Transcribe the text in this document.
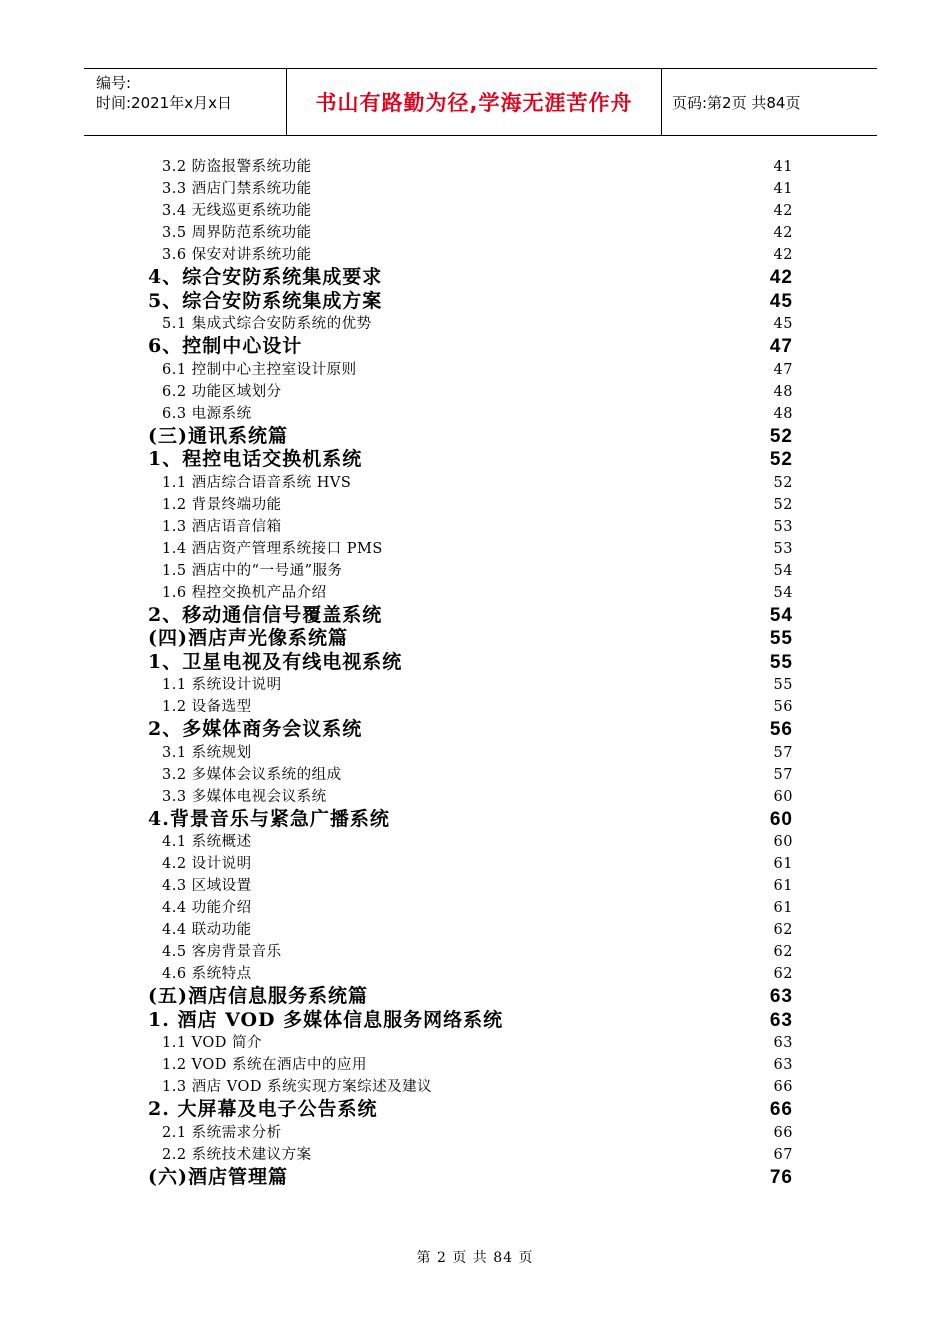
编号:
时间:2021年x月x日	书山有路勤为径,学海无涯苦作舟	页码:第2页 共84页
3.2 防盗报警系统功能	41
3.3 酒店门禁系统功能	41
3.4 无线巡更系统功能	42
3.5 周界防范系统功能	42
3.6 保安对讲系统功能	42
4、综合安防系统集成要求	42
5、综合安防系统集成方案	45
5.1 集成式综合安防系统的优势	45
6、控制中心设计	47
6.1 控制中心主控室设计原则	47
6.2 功能区域划分	48
6.3 电源系统	48
(三)通讯系统篇	52
1、程控电话交换机系统	52
1.1 酒店综合语音系统 HVS	52
1.2 背景终端功能	52
1.3 酒店语音信箱	53
1.4 酒店资产管理系统接口 PMS	53
1.5 酒店中的“一号通”服务	54
1.6 程控交换机产品介绍	54
2、移动通信信号覆盖系统	54
(四)酒店声光像系统篇	55
1、卫星电视及有线电视系统	55
1.1 系统设计说明	55
1.2 设备选型	56
2、多媒体商务会议系统	56
3.1 系统规划	57
3.2 多媒体会议系统的组成	57
3.3 多媒体电视会议系统	60
4.背景音乐与紧急广播系统	60
4.1 系统概述	60
4.2 设计说明	61
4.3 区域设置	61
4.4 功能介绍	61
4.4 联动功能	62
4.5 客房背景音乐	62
4.6 系统特点	62
(五)酒店信息服务系统篇	63
1. 酒店 VOD 多媒体信息服务网络系统	63
1.1 VOD 简介	63
1.2 VOD 系统在酒店中的应用	63
1.3 酒店 VOD 系统实现方案综述及建议	66
2. 大屏幕及电子公告系统	66
2.1 系统需求分析	66
2.2 系统技术建议方案	67
(六)酒店管理篇	76
第 2 页 共 84 页
